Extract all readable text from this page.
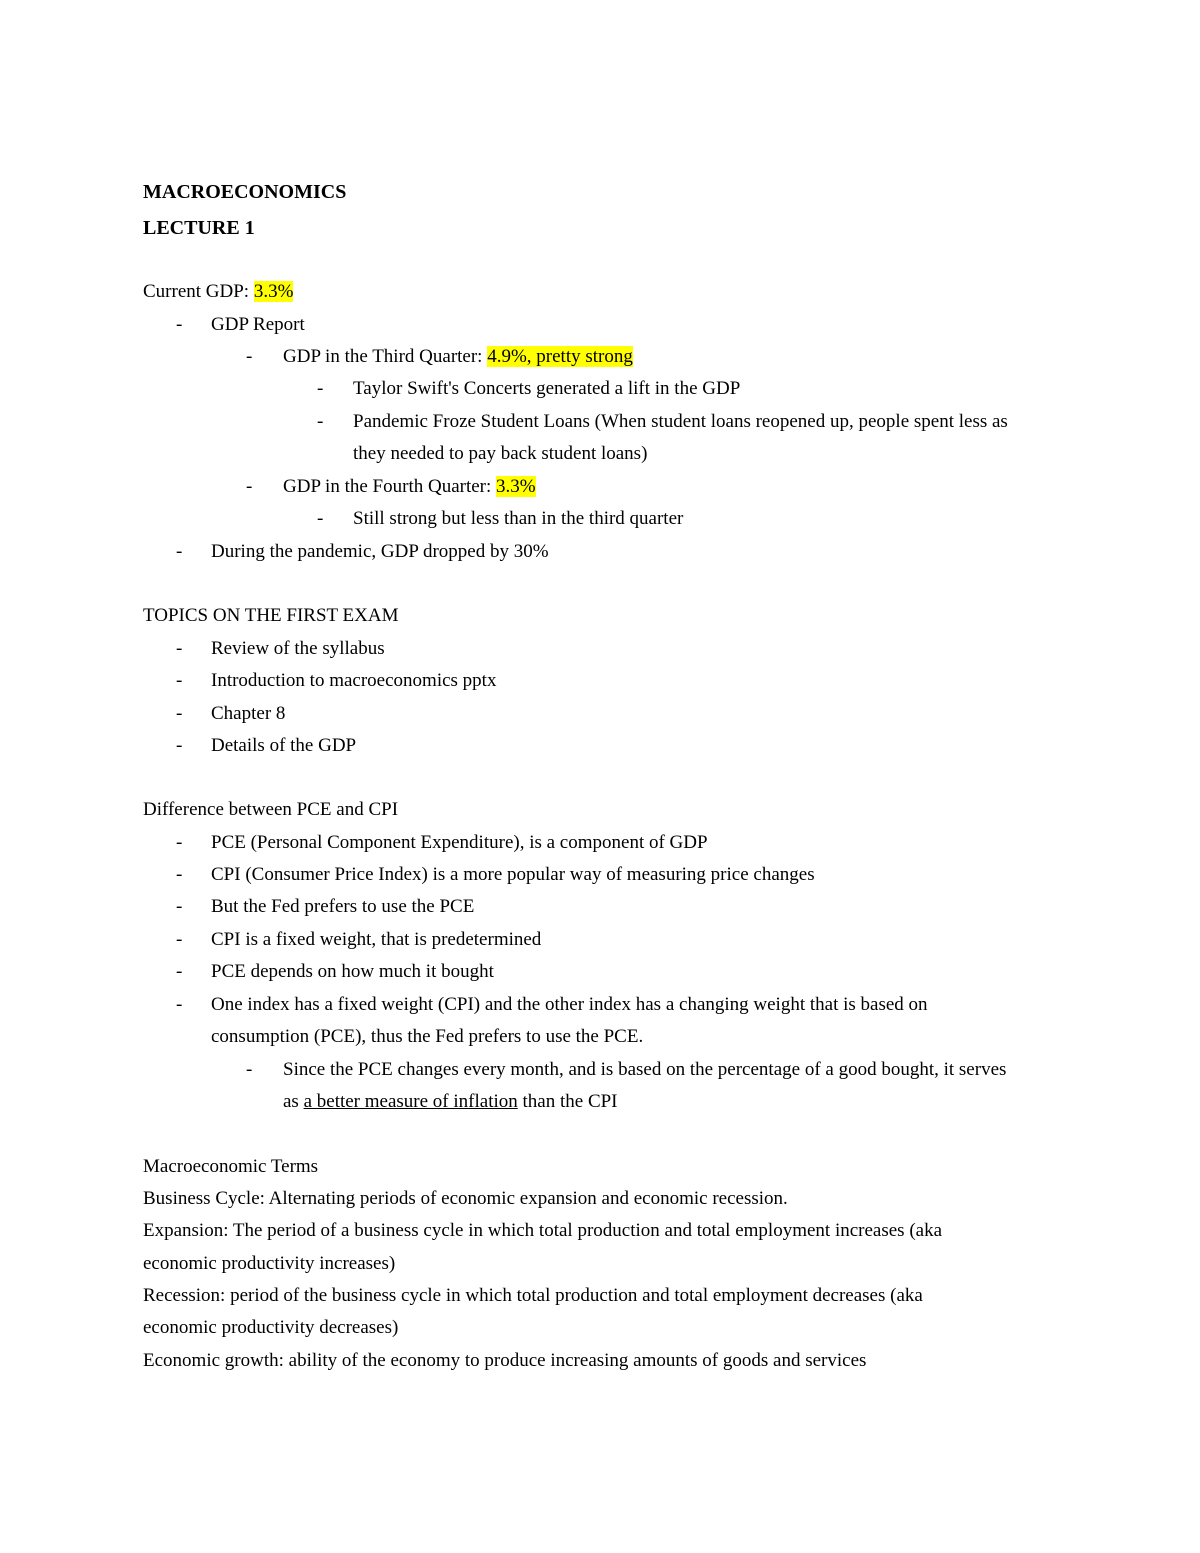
MACROECONOMICS
LECTURE 1
Current GDP: 3.3%
- GDP Report
- GDP in the Third Quarter: 4.9%, pretty strong
- Taylor Swift's Concerts generated a lift in the GDP
- Pandemic Froze Student Loans (When student loans reopened up, people spent less as
they needed to pay back student loans)
- GDP in the Fourth Quarter: 3.3%
- Still strong but less than in the third quarter
- During the pandemic, GDP dropped by 30%
TOPICS ON THE FIRST EXAM
- Review of the syllabus
- Introduction to macroeconomics pptx
- Chapter 8
- Details of the GDP
Difference between PCE and CPI
- PCE (Personal Component Expenditure), is a component of GDP
- CPI (Consumer Price Index) is a more popular way of measuring price changes
- But the Fed prefers to use the PCE
- CPI is a fixed weight, that is predetermined
- PCE depends on how much it bought
- One index has a fixed weight (CPI) and the other index has a changing weight that is based on
consumption (PCE), thus the Fed prefers to use the PCE.
- Since the PCE changes every month, and is based on the percentage of a good bought, it serves
as a better measure of inflation than the CPI
Macroeconomic Terms
Business Cycle: Alternating periods of economic expansion and economic recession.
Expansion: The period of a business cycle in which total production and total employment increases (aka
economic productivity increases)
Recession: period of the business cycle in which total production and total employment decreases (aka
economic productivity decreases)
Economic growth: ability of the economy to produce increasing amounts of goods and services
